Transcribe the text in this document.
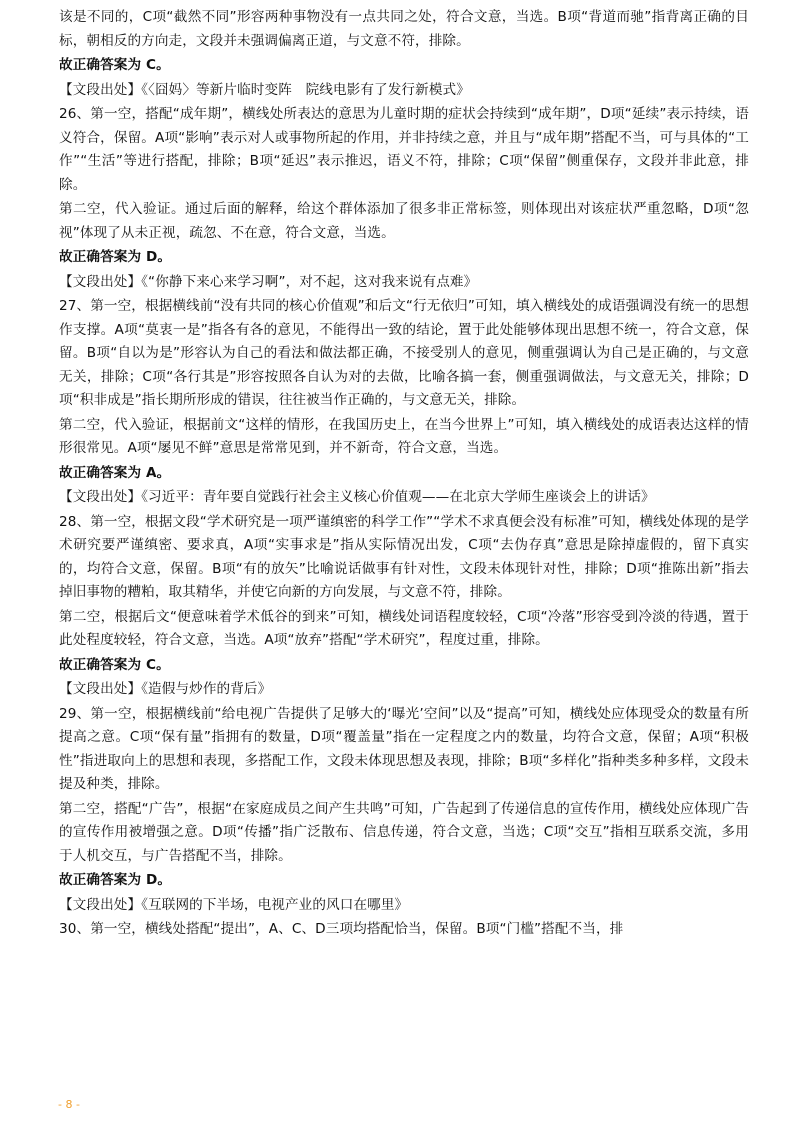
该是不同的，C项“截然不同”形容两种事物没有一点共同之处，符合文意，当选。B项“背道而驰”指背离正确的目标，朝相反的方向走，文段并未强调偏离正道，与文意不符，排除。

故正确答案为 C。

【文段出处】《〈囧妈〉等新片临时变阵　院线电影有了发行新模式》

26、第一空，搭配“成年期”，横线处所表达的意思为儿童时期的症状会持续到“成年期”，D项“延续”表示持续，语义符合，保留。A项“影响”表示对人或事物所起的作用，并非持续之意，并且与“成年期”搭配不当，可与具体的“工作”“生活”等进行搭配，排除；B项“延迟”表示推迟，语义不符，排除；C项“保留”侧重保存，文段并非此意，排除。

第二空，代入验证。通过后面的解释，给这个群体添加了很多非正常标签，则体现出对该症状严重忽略，D项“忽视”体现了从未正视，疏忽、不在意，符合文意，当选。

故正确答案为 D。

【文段出处】《“你静下来心来学习啊”，对不起，这对我来说有点难》

27、第一空，根据横线前“没有共同的核心价值观”和后文“行无依归”可知，填入横线处的成语强调没有统一的思想作支撑。A项“莫衷一是”指各有各的意见，不能得出一致的结论，置于此处能够体现出思想不统一，符合文意，保留。B项“自以为是”形容认为自己的看法和做法都正确，不接受别人的意见，侧重强调认为自己是正确的，与文意无关，排除；C项“各行其是”形容按照各自认为对的去做，比喻各搞一套，侧重强调做法，与文意无关，排除；D项“积非成是”指长期所形成的错误，往往被当作正确的，与文意无关，排除。

第二空，代入验证，根据前文“这样的情形，在我国历史上，在当今世界上”可知，填入横线处的成语表达这样的情形很常见。A项“屡见不鲜”意思是常常见到，并不新奇，符合文意，当选。

故正确答案为 A。

【文段出处】《习近平：青年要自觉践行社会主义核心价值观——在北京大学师生座谈会上的讲话》

28、第一空，根据文段“学术研究是一项严谨缜密的科学工作”“学术不求真便会没有标准”可知，横线处体现的是学术研究要严谨缜密、要求真，A项“实事求是”指从实际情况出发，C项“去伪存真”意思是除掉虚假的，留下真实的，均符合文意，保留。B项“有的放矢”比喻说话做事有针对性，文段未体现针对性，排除；D项“推陈出新”指去掉旧事物的糟粕，取其精华，并使它向新的方向发展，与文意不符，排除。

第二空，根据后文“便意味着学术低谷的到来”可知，横线处词语程度较轻，C项“冷落”形容受到冷淡的待遇，置于此处程度较轻，符合文意，当选。A项“放弃”搭配“学术研究”，程度过重，排除。

故正确答案为 C。

【文段出处】《造假与炒作的背后》

29、第一空，根据横线前“给电视广告提供了足够大的‘曝光’空间”以及“提高”可知，横线处应体现受众的数量有所提高之意。C项“保有量”指拥有的数量，D项“覆盖量”指在一定程度之内的数量，均符合文意，保留；A项“积极性”指进取向上的思想和表现，多搭配工作，文段未体现思想及表现，排除；B项“多样化”指种类多种多样，文段未提及种类，排除。

第二空，搭配“广告”，根据“在家庭成员之间产生共鸣”可知，广告起到了传递信息的宣传作用，横线处应体现广告的宣传作用被增强之意。D项“传播”指广泛散布、信息传递，符合文意，当选；C项“交互”指相互联系交流，多用于人机交互，与广告搭配不当，排除。

故正确答案为 D。

【文段出处】《互联网的下半场，电视产业的风口在哪里》

30、第一空，横线处搭配“提出”，A、C、D三项均搭配恰当，保留。B项“门槛”搭配不当，排

- 8 -
